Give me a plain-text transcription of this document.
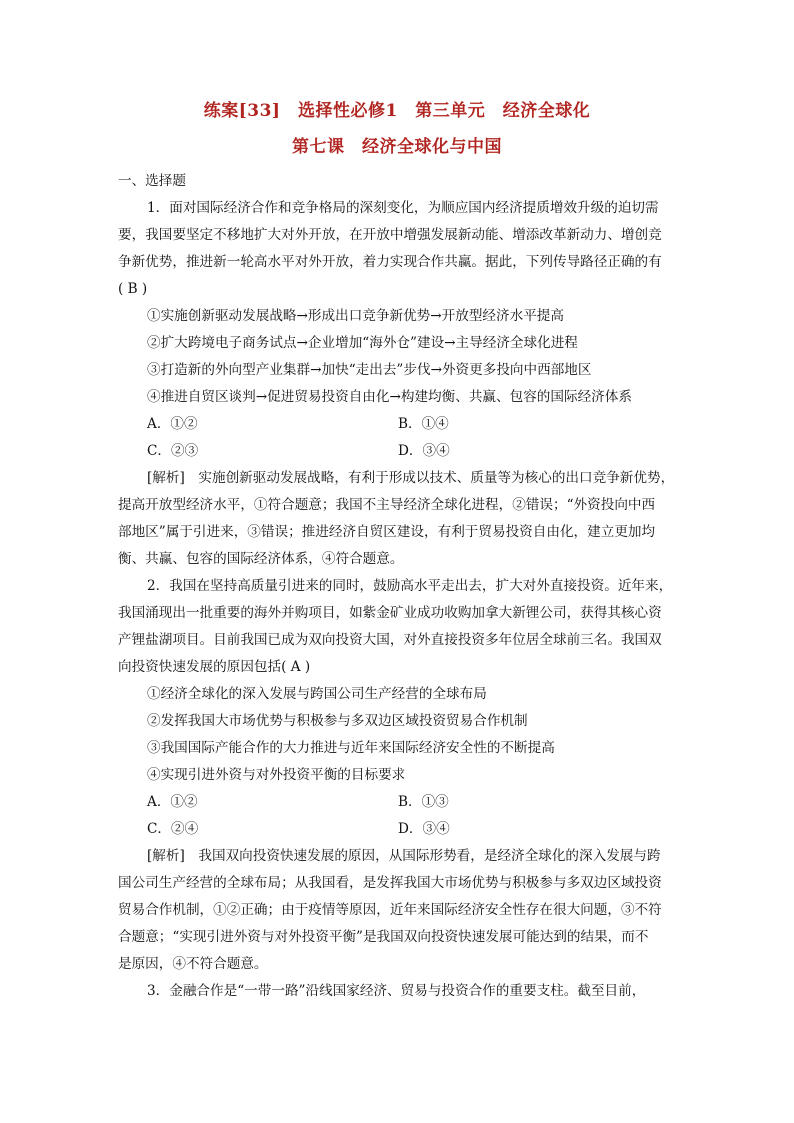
练案[33]　选择性必修1　第三单元　经济全球化
第七课　经济全球化与中国
一、选择题
1．面对国际经济合作和竞争格局的深刻变化，为顺应国内经济提质增效升级的迫切需
要，我国要坚定不移地扩大对外开放，在开放中增强发展新动能、增添改革新动力、增创竞
争新优势，推进新一轮高水平对外开放，着力实现合作共赢。据此，下列传导路径正确的有
( B )
①实施创新驱动发展战略→形成出口竞争新优势→开放型经济水平提高
②扩大跨境电子商务试点→企业增加“海外仓”建设→主导经济全球化进程
③打造新的外向型产业集群→加快“走出去”步伐→外资更多投向中西部地区
④推进自贸区谈判→促进贸易投资自由化→构建均衡、共赢、包容的国际经济体系
A．①②	B．①④
C．②③	D．③④
[解析]　实施创新驱动发展战略，有利于形成以技术、质量等为核心的出口竞争新优势，
提高开放型经济水平，①符合题意；我国不主导经济全球化进程，②错误；“外资投向中西
部地区”属于引进来，③错误；推进经济自贸区建设，有利于贸易投资自由化，建立更加均
衡、共赢、包容的国际经济体系，④符合题意。
2．我国在坚持高质量引进来的同时，鼓励高水平走出去，扩大对外直接投资。近年来，
我国涌现出一批重要的海外并购项目，如紫金矿业成功收购加拿大新锂公司，获得其核心资
产锂盐湖项目。目前我国已成为双向投资大国，对外直接投资多年位居全球前三名。我国双
向投资快速发展的原因包括( A )
①经济全球化的深入发展与跨国公司生产经营的全球布局
②发挥我国大市场优势与积极参与多双边区域投资贸易合作机制
③我国国际产能合作的大力推进与近年来国际经济安全性的不断提高
④实现引进外资与对外投资平衡的目标要求
A．①②	B．①③
C．②④	D．③④
[解析]　我国双向投资快速发展的原因，从国际形势看，是经济全球化的深入发展与跨
国公司生产经营的全球布局；从我国看，是发挥我国大市场优势与积极参与多双边区域投资
贸易合作机制，①②正确；由于疫情等原因，近年来国际经济安全性存在很大问题，③不符
合题意；“实现引进外资与对外投资平衡”是我国双向投资快速发展可能达到的结果，而不
是原因，④不符合题意。
3．金融合作是“一带一路”沿线国家经济、贸易与投资合作的重要支柱。截至目前，
